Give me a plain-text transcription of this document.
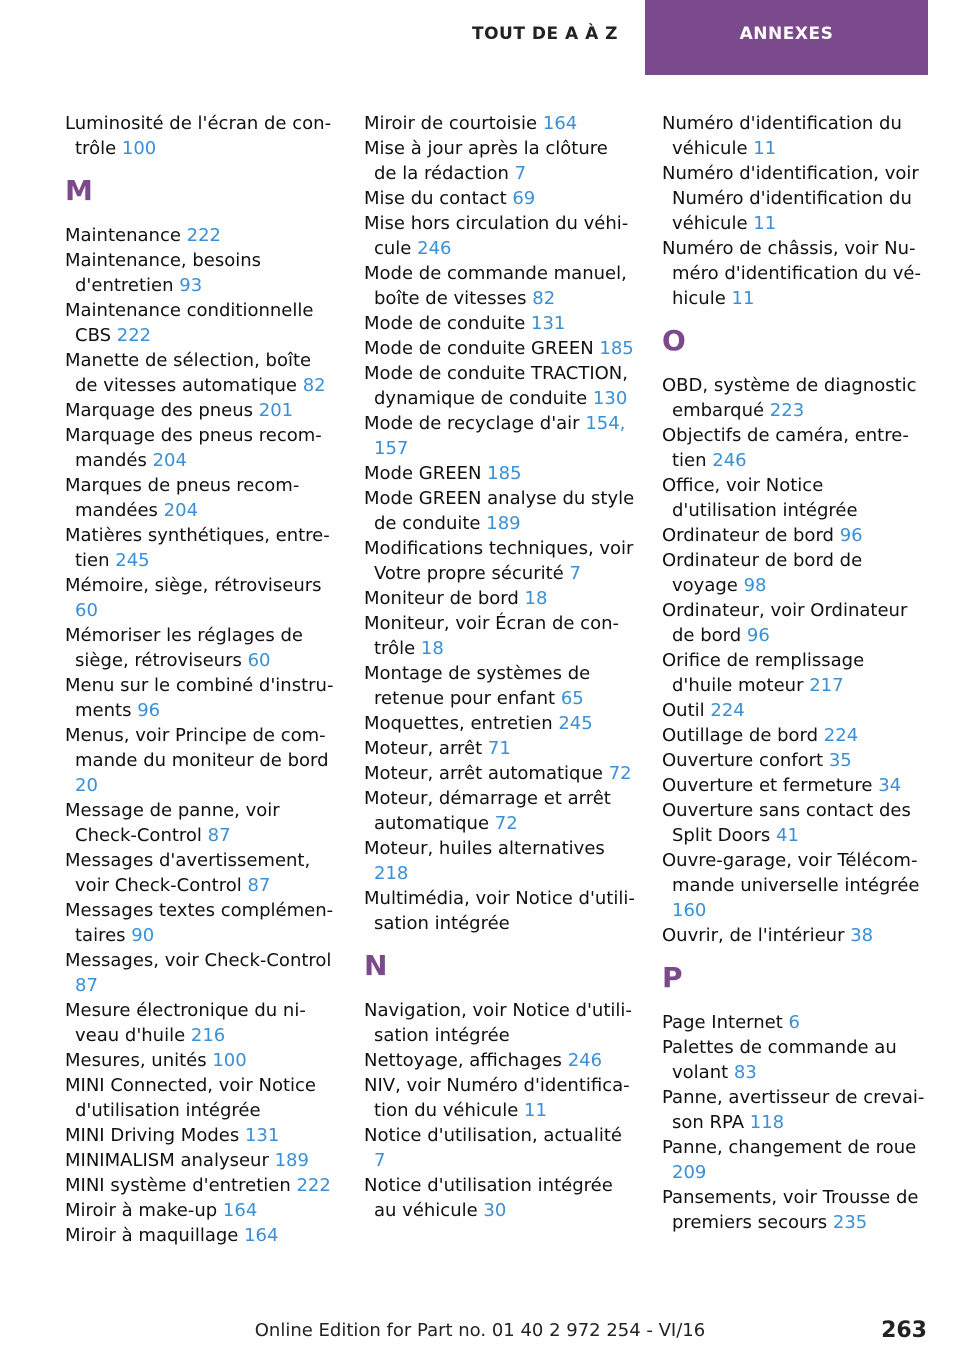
TOUT DE A À Z	ANNEXES

Luminosité de l'écran de contrôle 100

M

Maintenance 222

Maintenance, besoins d'entretien 93

Maintenance conditionnelle CBS 222

Manette de sélection, boîte de vitesses automatique 82

Marquage des pneus 201

Marquage des pneus recommandés 204

Marques de pneus recommandées 204

Matières synthétiques, entretien 245

Mémoire, siège, rétroviseurs 60

Mémoriser les réglages de siège, rétroviseurs 60

Menu sur le combiné d'instruments 96

Menus, voir Principe de commande du moniteur de bord 20

Message de panne, voir Check-Control 87

Messages d'avertissement, voir Check-Control 87

Messages textes complémentaires 90

Messages, voir Check-Control 87

Mesure électronique du niveau d'huile 216

Mesures, unités 100

MINI Connected, voir Notice d'utilisation intégrée

MINI Driving Modes 131

MINIMALISM analyseur 189

MINI système d'entretien 222

Miroir à make-up 164

Miroir à maquillage 164

Miroir de courtoisie 164

Mise à jour après la clôture de la rédaction 7

Mise du contact 69

Mise hors circulation du véhicule 246

Mode de commande manuel, boîte de vitesses 82

Mode de conduite 131

Mode de conduite GREEN 185

Mode de conduite TRACTION, dynamique de conduite 130

Mode de recyclage d'air 154, 157

Mode GREEN 185

Mode GREEN analyse du style de conduite 189

Modifications techniques, voir Votre propre sécurité 7

Moniteur de bord 18

Moniteur, voir Écran de contrôle 18

Montage de systèmes de retenue pour enfant 65

Moquettes, entretien 245

Moteur, arrêt 71

Moteur, arrêt automatique 72

Moteur, démarrage et arrêt automatique 72

Moteur, huiles alternatives 218

Multimédia, voir Notice d'utilisation intégrée

N

Navigation, voir Notice d'utilisation intégrée

Nettoyage, affichages 246

NIV, voir Numéro d'identification du véhicule 11

Notice d'utilisation, actualité 7

Notice d'utilisation intégrée au véhicule 30

Numéro d'identification du véhicule 11

Numéro d'identification, voir Numéro d'identification du véhicule 11

Numéro de châssis, voir Numéro d'identification du véhicule 11

O

OBD, système de diagnostic embarqué 223

Objectifs de caméra, entretien 246

Office, voir Notice d'utilisation intégrée

Ordinateur de bord 96

Ordinateur de bord de voyage 98

Ordinateur, voir Ordinateur de bord 96

Orifice de remplissage d'huile moteur 217

Outil 224

Outillage de bord 224

Ouverture confort 35

Ouverture et fermeture 34

Ouverture sans contact des Split Doors 41

Ouvre-garage, voir Télécommande universelle intégrée 160

Ouvrir, de l'intérieur 38

P

Page Internet 6

Palettes de commande au volant 83

Panne, avertisseur de crevaison RPA 118

Panne, changement de roue 209

Pansements, voir Trousse de premiers secours 235

263
Online Edition for Part no. 01 40 2 972 254 - VI/16
